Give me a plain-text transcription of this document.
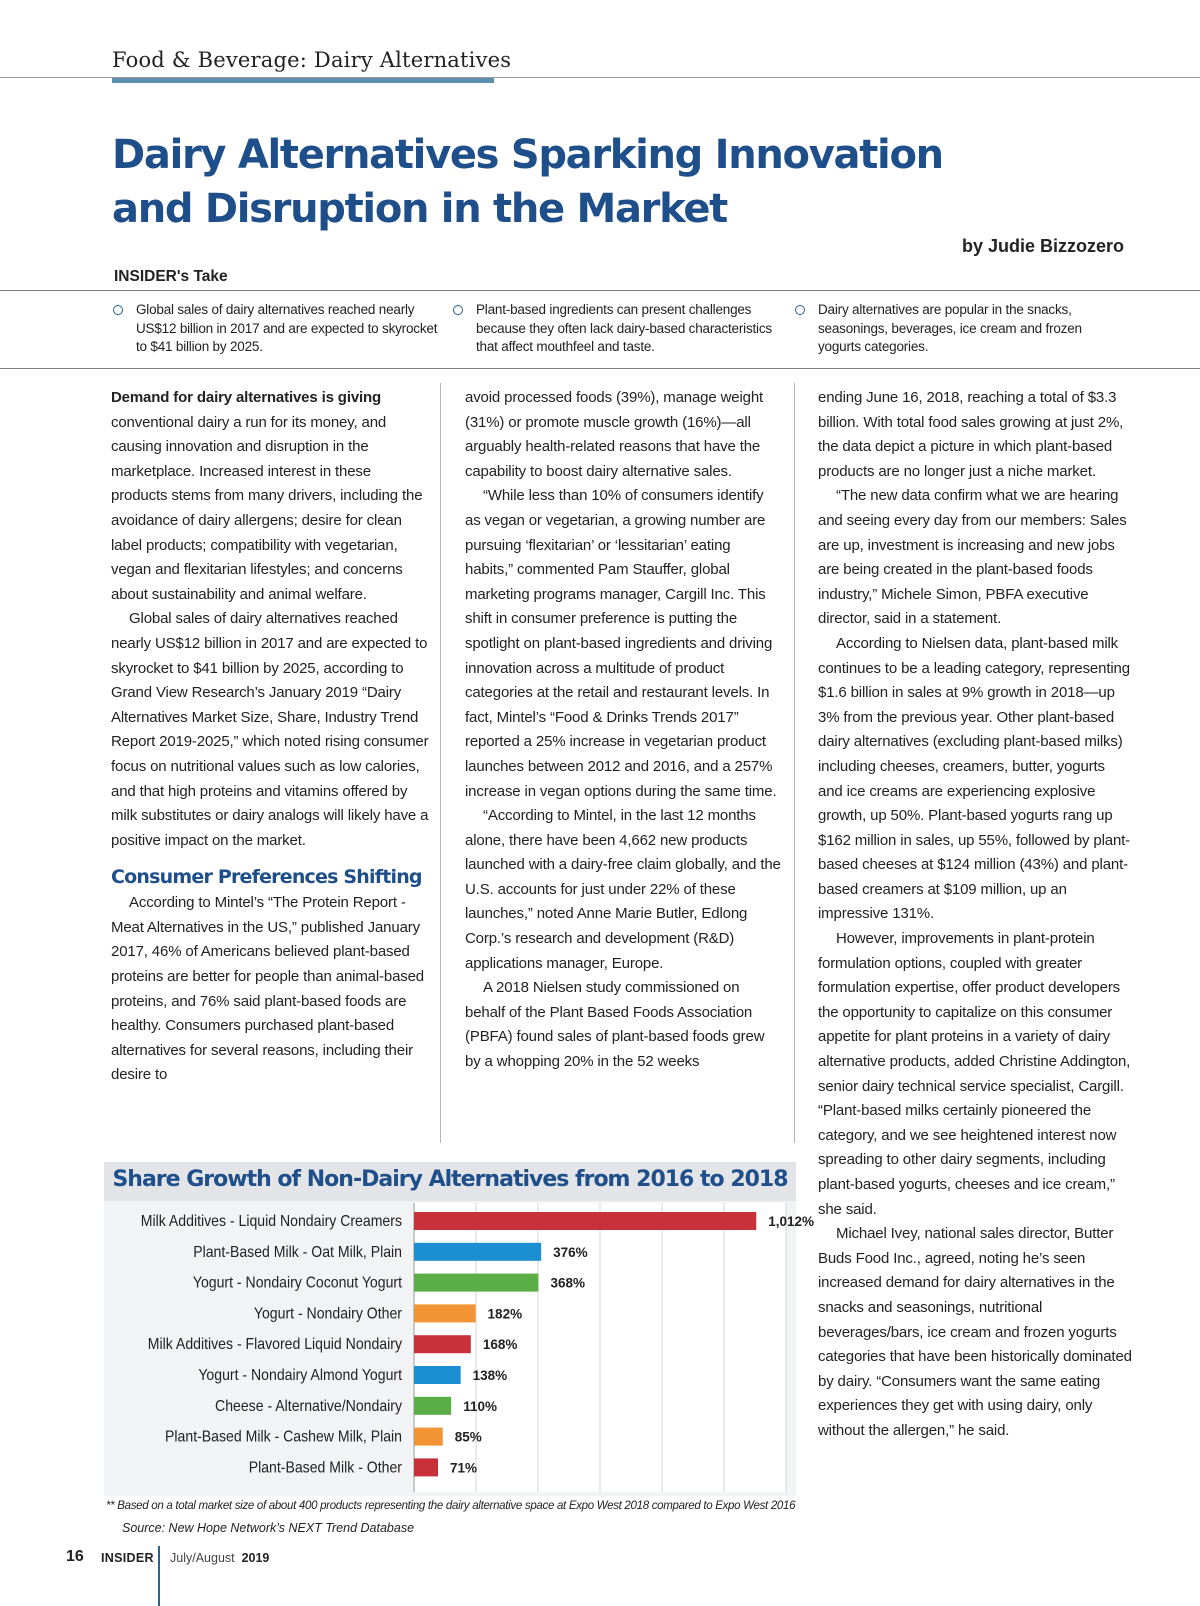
Food & Beverage: Dairy Alternatives
Dairy Alternatives Sparking Innovation and Disruption in the Market
by Judie Bizzozero
INSIDER's Take
Global sales of dairy alternatives reached nearly US$12 billion in 2017 and are expected to skyrocket to $41 billion by 2025.
Plant-based ingredients can present challenges because they often lack dairy-based characteristics that affect mouthfeel and taste.
Dairy alternatives are popular in the snacks, seasonings, beverages, ice cream and frozen yogurts categories.

Demand for dairy alternatives is giving conventional dairy a run for its money, and causing innovation and disruption in the marketplace. Increased interest in these products stems from many drivers, including the avoidance of dairy allergens; desire for clean label products; compatibility with vegetarian, vegan and flexitarian lifestyles; and concerns about sustainability and animal welfare.

Global sales of dairy alternatives reached nearly US$12 billion in 2017 and are expected to skyrocket to $41 billion by 2025, according to Grand View Research’s January 2019 “Dairy Alternatives Market Size, Share, Industry Trend Report 2019-2025,” which noted rising consumer focus on nutritional values such as low calories, and that high proteins and vitamins offered by milk substitutes or dairy analogs will likely have a positive impact on the market.

Consumer Preferences Shifting

According to Mintel’s “The Protein Report - Meat Alternatives in the US,” published January 2017, 46% of Americans believed plant-based proteins are better for people than animal-based proteins, and 76% said plant-based foods are healthy. Consumers purchased plant-based alternatives for several reasons, including their desire to

avoid processed foods (39%), manage weight (31%) or promote muscle growth (16%)—all arguably health-related reasons that have the capability to boost dairy alternative sales.

“While less than 10% of consumers identify as vegan or vegetarian, a growing number are pursuing ‘flexitarian’ or ‘lessitarian’ eating habits,” commented Pam Stauffer, global marketing programs manager, Cargill Inc. This shift in consumer preference is putting the spotlight on plant-based ingredients and driving innovation across a multitude of product categories at the retail and restaurant levels. In fact, Mintel’s “Food & Drinks Trends 2017” reported a 25% increase in vegetarian product launches between 2012 and 2016, and a 257% increase in vegan options during the same time.

“According to Mintel, in the last 12 months alone, there have been 4,662 new products launched with a dairy-free claim globally, and the U.S. accounts for just under 22% of these launches,” noted Anne Marie Butler, Edlong Corp.’s research and development (R&D) applications manager, Europe.

A 2018 Nielsen study commissioned on behalf of the Plant Based Foods Association (PBFA) found sales of plant-based foods grew by a whopping 20% in the 52 weeks

ending June 16, 2018, reaching a total of $3.3 billion. With total food sales growing at just 2%, the data depict a picture in which plant-based products are no longer just a niche market.

“The new data confirm what we are hearing and seeing every day from our members: Sales are up, investment is increasing and new jobs are being created in the plant-based foods industry,” Michele Simon, PBFA executive director, said in a statement.

According to Nielsen data, plant-based milk continues to be a leading category, representing $1.6 billion in sales at 9% growth in 2018—up 3% from the previous year. Other plant-based dairy alternatives (excluding plant-based milks) including cheeses, creamers, butter, yogurts and ice creams are experiencing explosive growth, up 50%. Plant-based yogurts rang up $162 million in sales, up 55%, followed by plant-based cheeses at $124 million (43%) and plant-based creamers at $109 million, up an impressive 131%.

However, improvements in plant-protein formulation options, coupled with greater formulation expertise, offer product developers the opportunity to capitalize on this consumer appetite for plant proteins in a variety of dairy alternative products, added Christine Addington, senior dairy technical service specialist, Cargill. “Plant-based milks certainly pioneered the category, and we see heightened interest now spreading to other dairy segments, including plant-based yogurts, cheeses and ice cream,” she said.

Michael Ivey, national sales director, Butter Buds Food Inc., agreed, noting he’s seen increased demand for dairy alternatives in the snacks and seasonings, nutritional beverages/bars, ice cream and frozen yogurts categories that have been historically dominated by dairy. “Consumers want the same eating experiences they get with using dairy, only without the allergen,” he said.

Share Growth of Non-Dairy Alternatives from 2016 to 2018
Milk Additives - Liquid Nondairy Creamers	1,012%
Plant-Based Milk - Oat Milk, Plain	376%
Yogurt - Nondairy Coconut Yogurt	368%
Yogurt - Nondairy Other	182%
Milk Additives - Flavored Liquid Nondairy	168%
Yogurt - Nondairy Almond Yogurt	138%
Cheese - Alternative/Nondairy	110%
Plant-Based Milk - Cashew Milk, Plain	85%
Plant-Based Milk - Other	71%
** Based on a total market size of about 400 products representing the dairy alternative space at Expo West 2018 compared to Expo West 2016
Source: New Hope Network’s NEXT Trend Database
16 INSIDER July/August 2019
